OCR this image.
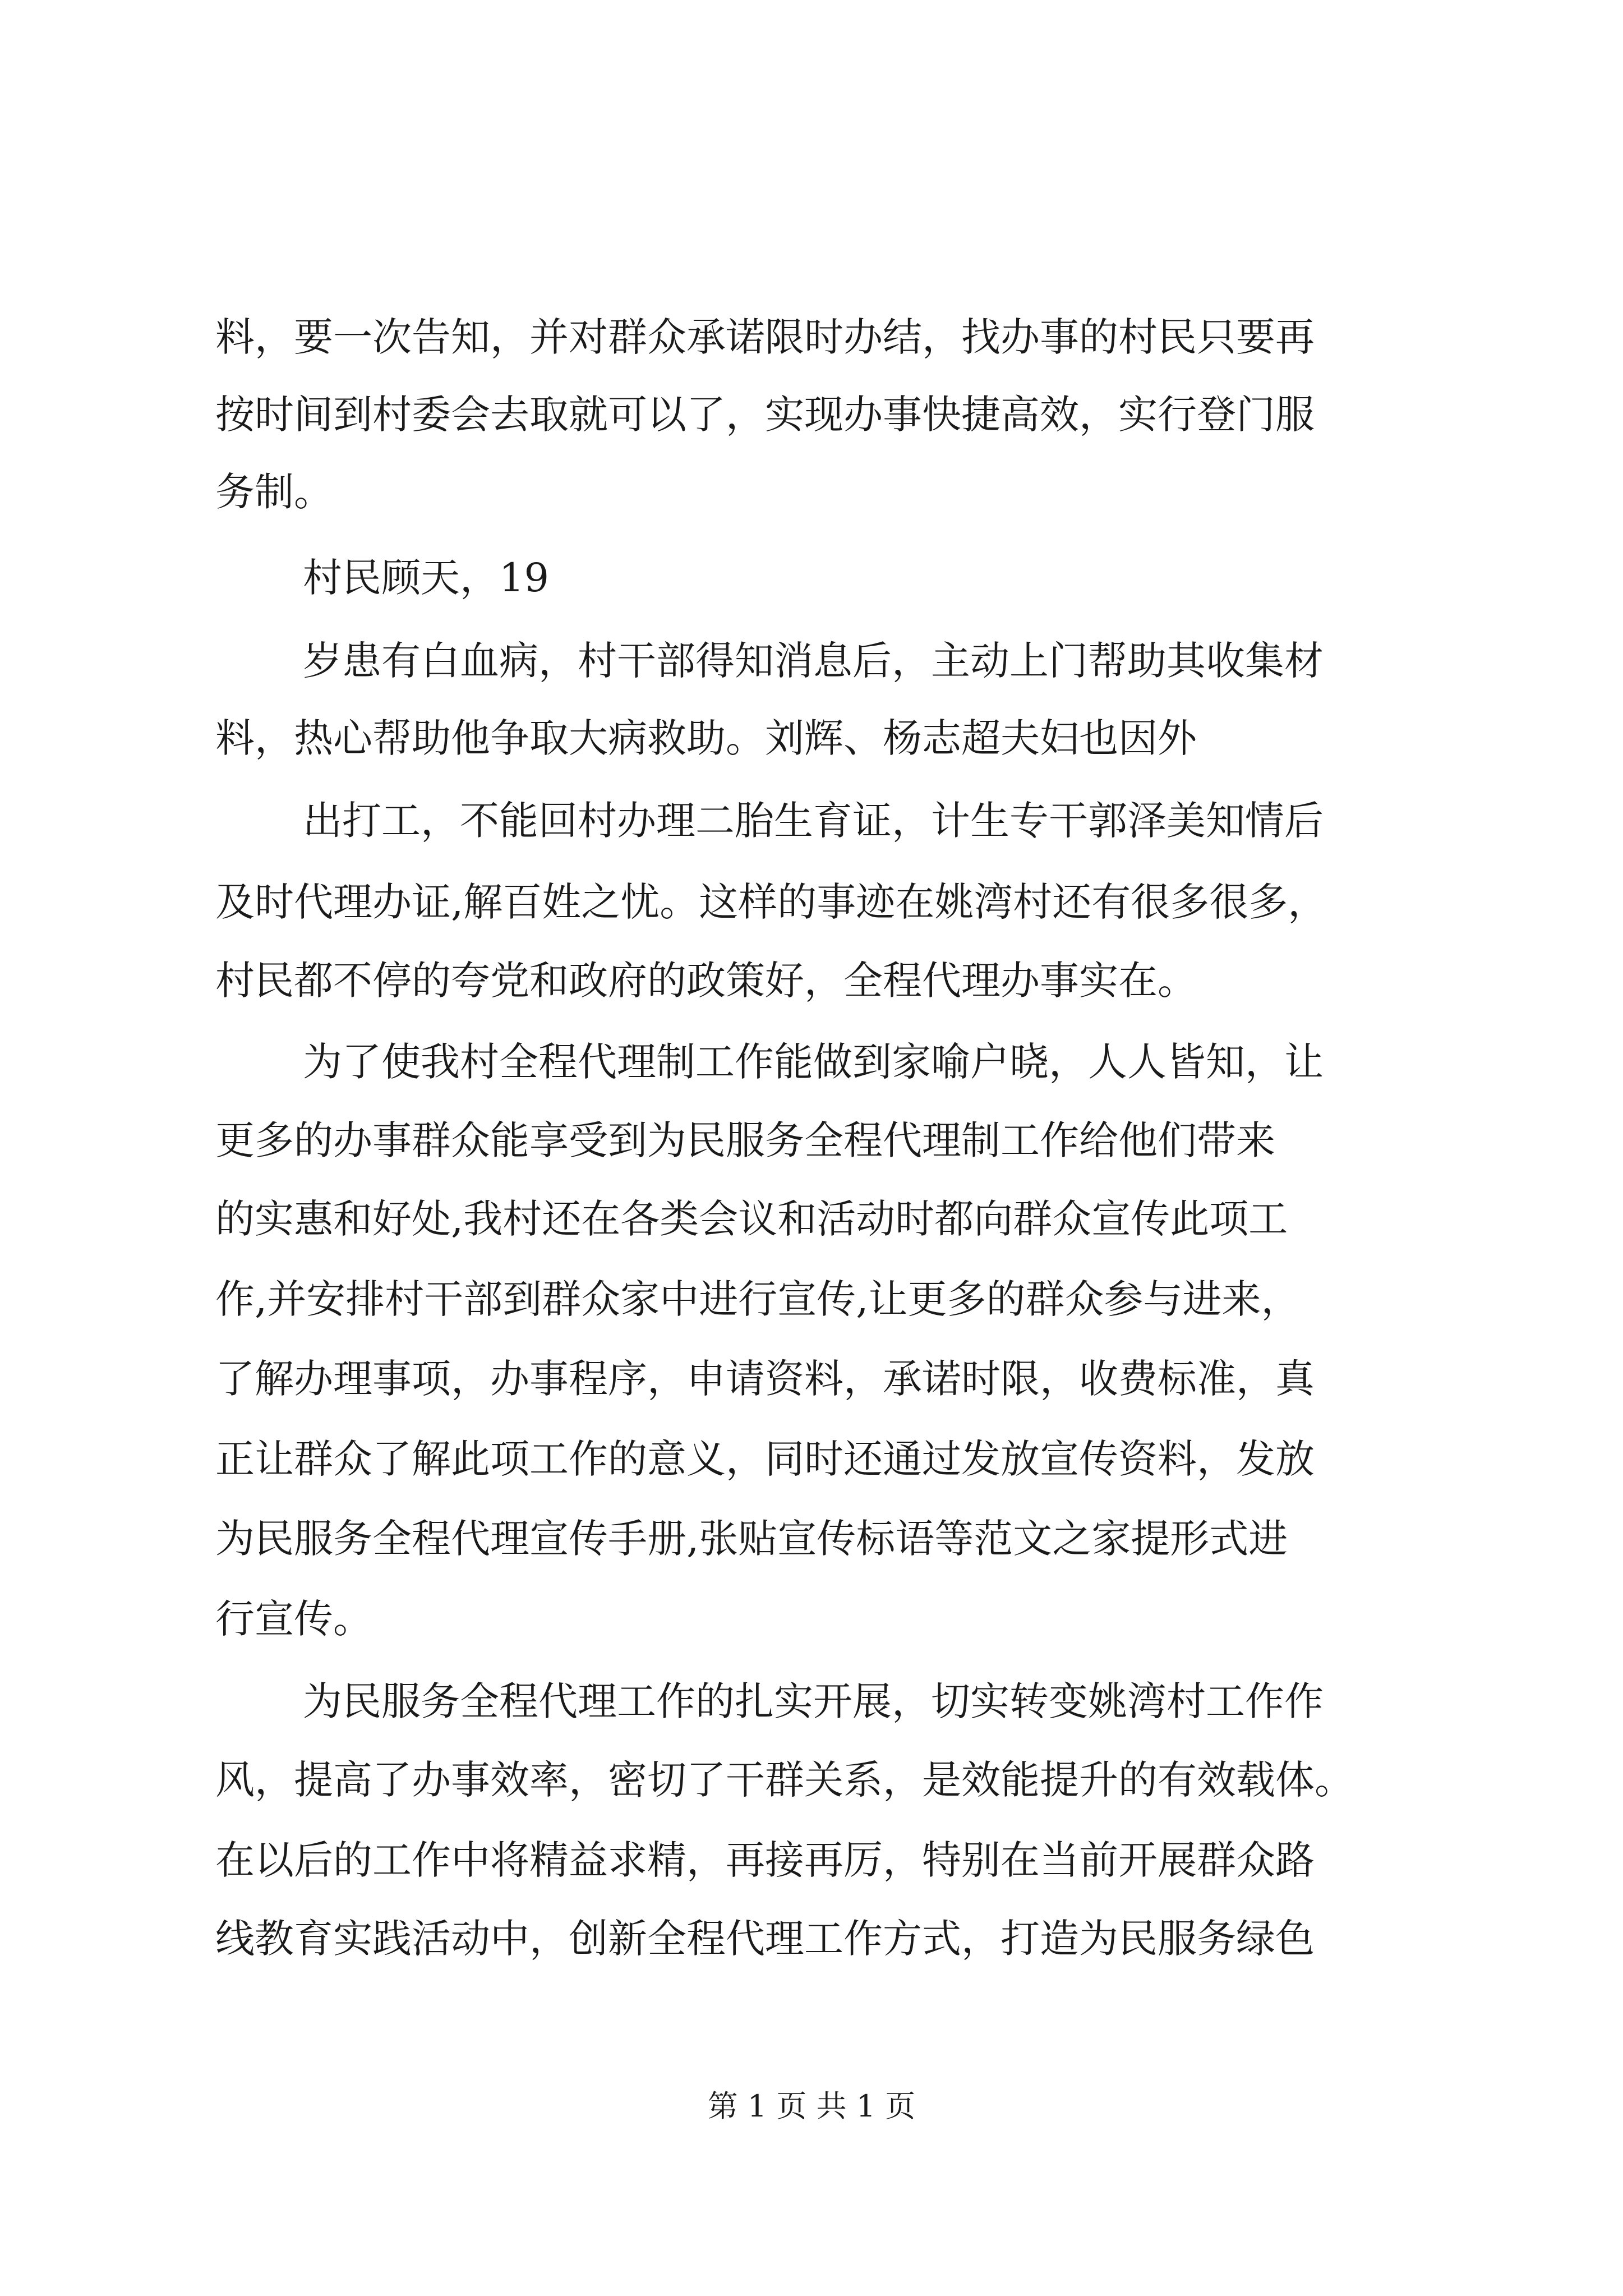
料，要一次告知，并对群众承诺限时办结，找办事的村民只要再
按时间到村委会去取就可以了，实现办事快捷高效，实行登门服
务制。
村民顾天，19
岁患有白血病，村干部得知消息后，主动上门帮助其收集材
料，热心帮助他争取大病救助。刘辉、杨志超夫妇也因外
出打工，不能回村办理二胎生育证，计生专干郭泽美知情后
及时代理办证,解百姓之忧。这样的事迹在姚湾村还有很多很多，
村民都不停的夸党和政府的政策好，全程代理办事实在。
为了使我村全程代理制工作能做到家喻户晓，人人皆知，让
更多的办事群众能享受到为民服务全程代理制工作给他们带来
的实惠和好处,我村还在各类会议和活动时都向群众宣传此项工
作,并安排村干部到群众家中进行宣传,让更多的群众参与进来，
了解办理事项，办事程序，申请资料，承诺时限，收费标准，真
正让群众了解此项工作的意义，同时还通过发放宣传资料，发放
为民服务全程代理宣传手册,张贴宣传标语等范文之家提形式进
行宣传。
为民服务全程代理工作的扎实开展，切实转变姚湾村工作作
风，提高了办事效率，密切了干群关系，是效能提升的有效载体。
在以后的工作中将精益求精，再接再厉，特别在当前开展群众路
线教育实践活动中，创新全程代理工作方式，打造为民服务绿色
第 1 页 共 1 页
